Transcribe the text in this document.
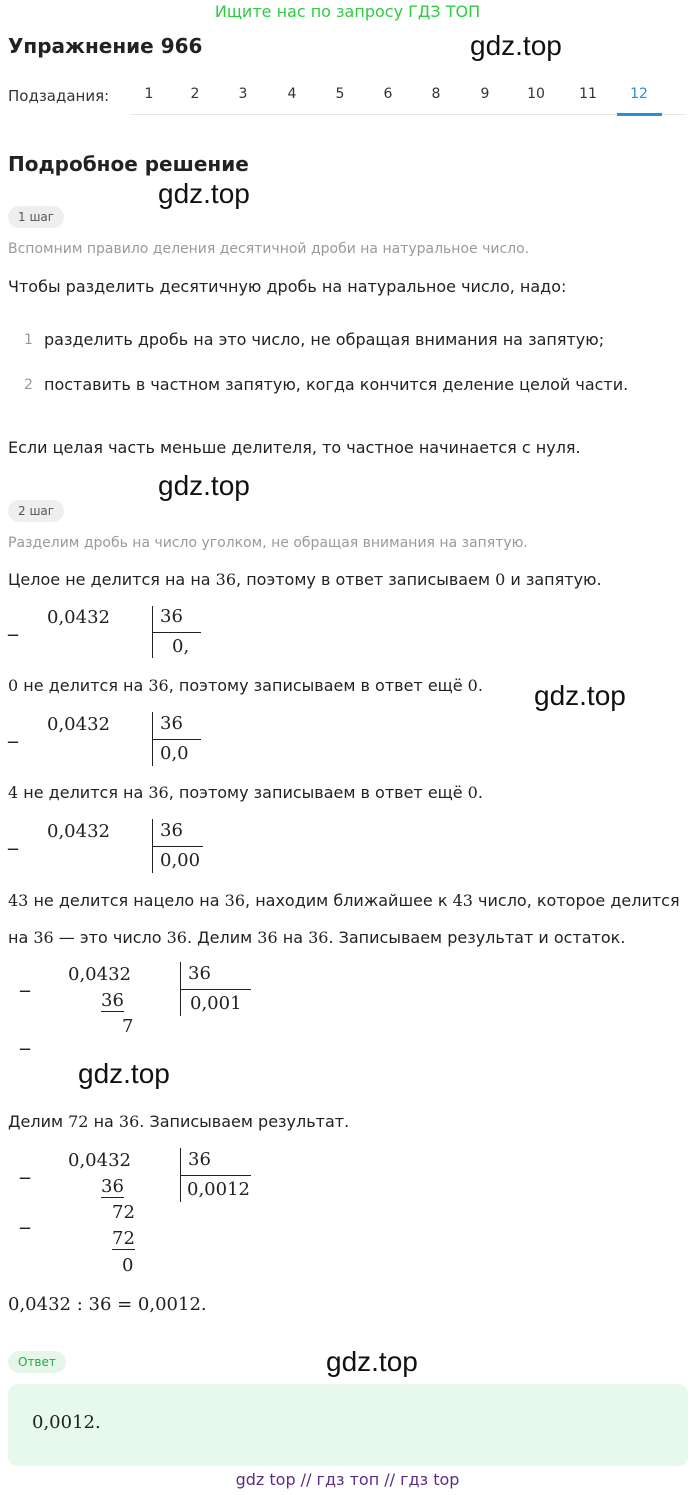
Ищите нас по запросу ГДЗ ТОП
Упражнение 966	gdz.top
Подзадания:	1	2	3	4	5	6	8	9	10	11	12
Подробное решение
gdz.top
1 шаг
Вспомним правило деления десятичной дроби на натуральное число.
Чтобы разделить десятичную дробь на натуральное число, надо:
1 разделить дробь на это число, не обращая внимания на запятую;
2 поставить в частном запятую, когда кончится деление целой части.
Если целая часть меньше делителя, то частное начинается с нуля.
gdz.top
2 шаг
Разделим дробь на число уголком, не обращая внимания на запятую.
Целое не делится на на 36, поэтому в ответ записываем 0 и запятую.
_ 0,0432	36
0,
0 не делится на 36, поэтому записываем в ответ ещё 0. gdz.top
_ 0,0432	36
0,0
4 не делится на 36, поэтому записываем в ответ ещё 0.
_ 0,0432	36
0,00
43 не делится нацело на 36, находим ближайшее к 43 число, которое делится
на 36 — это число 36. Делим 36 на 36. Записываем результат и остаток.
_ 0,0432
36
7
_
36
0,001
gdz.top
Делим 72 на 36. Записываем результат.
_ 0,0432
36
_	72
72
0
36
0,0012
0,0432 : 36 = 0,0012.
gdz.top
Ответ
0,0012.
gdz top // гдз топ // гдз top
